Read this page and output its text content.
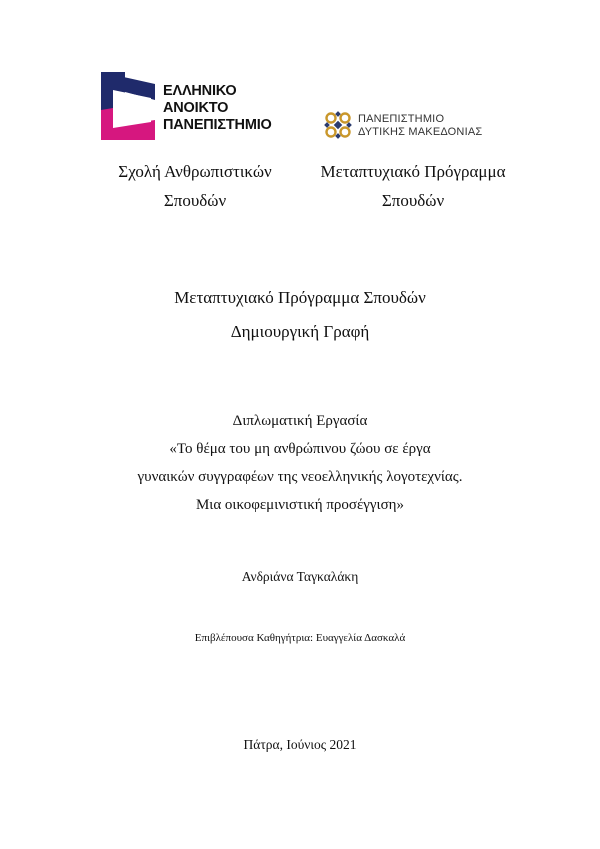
ΕΛΛΗΝΙΚΟ
ΑΝΟΙΚΤΟ
ΠΑΝΕΠΙΣΤΗΜΙΟ	ΠΑΝΕΠΙΣΤΗΜΙΟ
ΔΥΤΙΚΗΣ ΜΑΚΕΔΟΝΙΑΣ
Σχολή Ανθρωπιστικών
Σπουδών
Μεταπτυχιακό Πρόγραμμα
Σπουδών
Μεταπτυχιακό Πρόγραμμα Σπουδών
Δημιουργική Γραφή
Διπλωματική Εργασία
«Το θέμα του μη ανθρώπινου ζώου σε έργα
γυναικών συγγραφέων της νεοελληνικής λογοτεχνίας.
Μια οικοφεμινιστική προσέγγιση»
Ανδριάνα Ταγκαλάκη
Επιβλέπουσα Καθηγήτρια: Ευαγγελία Δασκαλά
Πάτρα, Ιούνιος 2021
